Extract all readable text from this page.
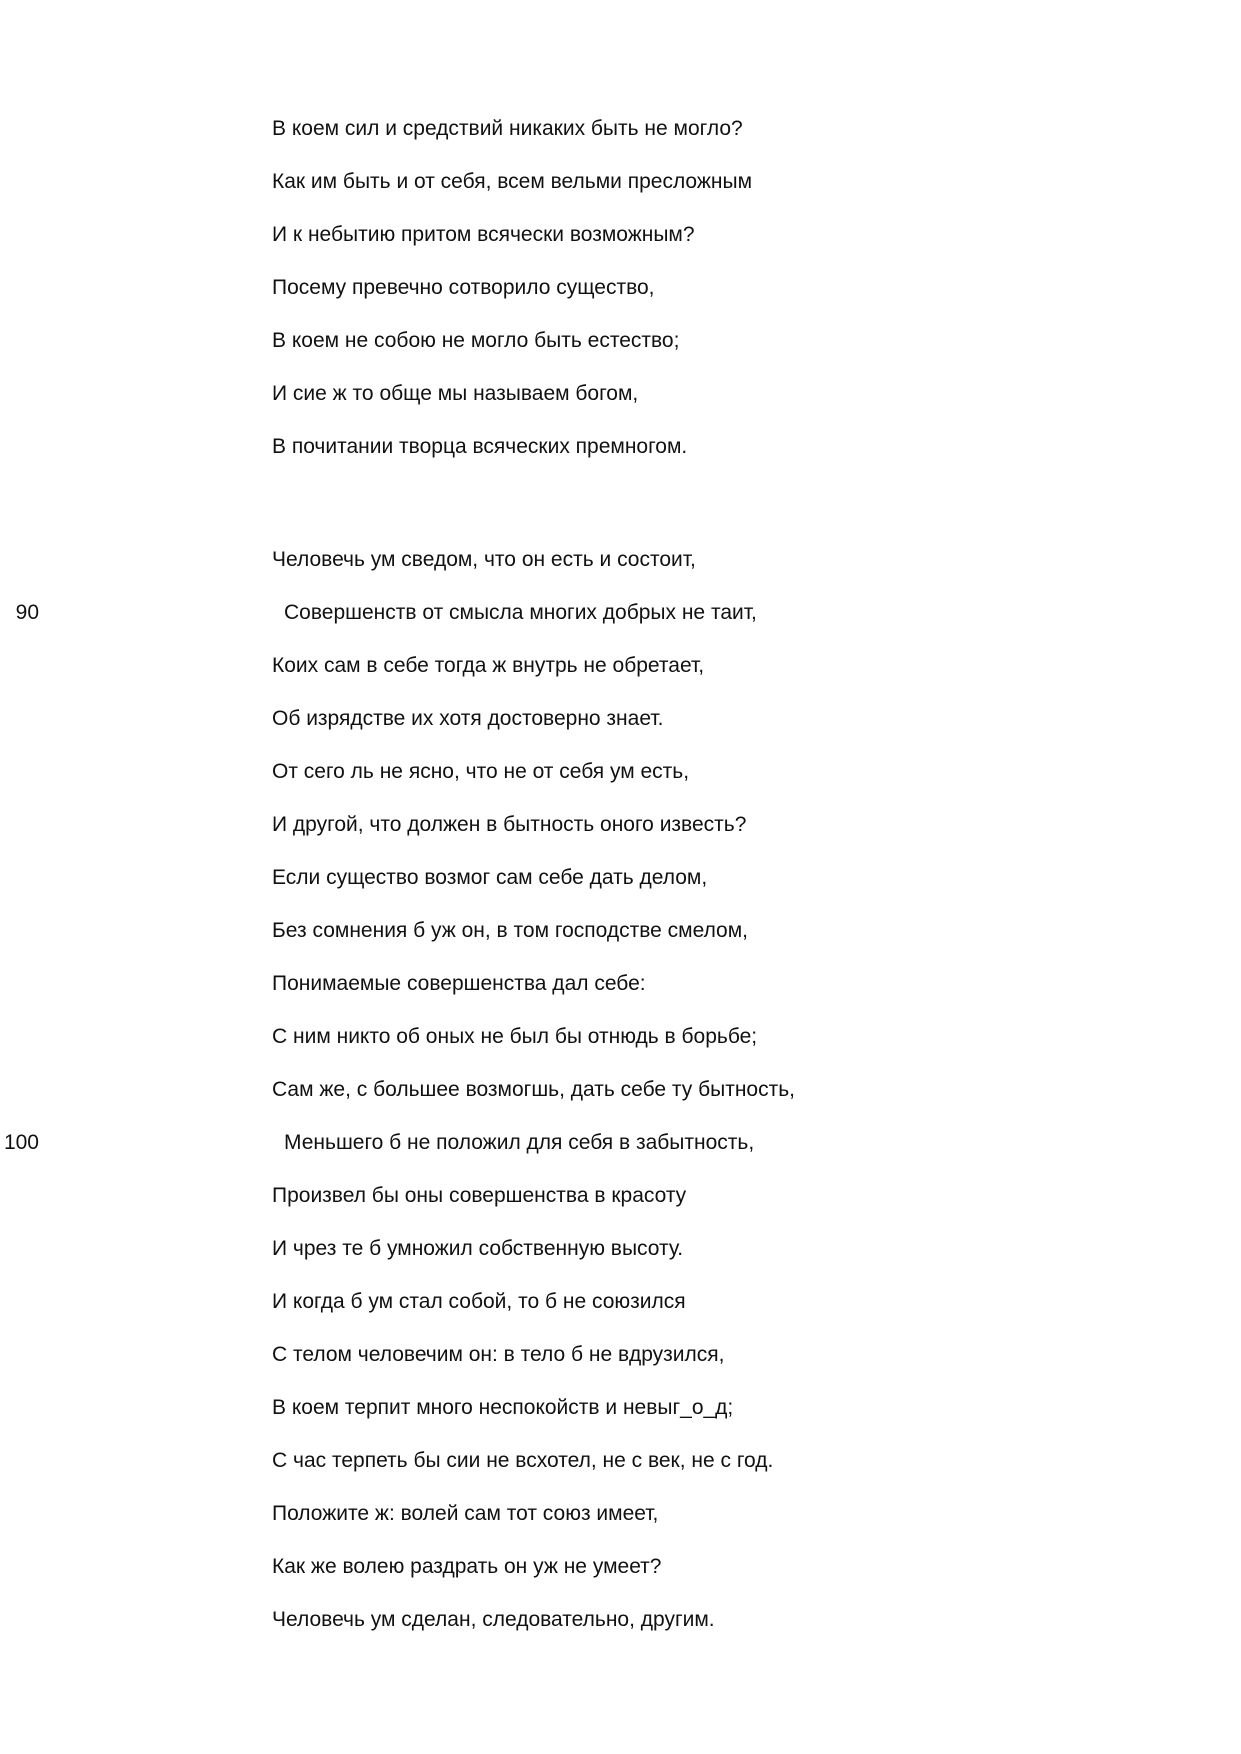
В коем сил и средствий никаких быть не могло?
Как им быть и от себя, всем вельми пресложным
И к небытию притом всячески возможным?
Посему превечно сотворило существо,
В коем не собою не могло быть естество;
И сие ж то обще мы называем богом,
В почитании творца всяческих премногом.
Человечь ум сведом, что он есть и состоит,
90	Совершенств от смысла многих добрых не таит,
Коих сам в себе тогда ж внутрь не обретает,
Об изрядстве их хотя достоверно знает.
От сего ль не ясно, что не от себя ум есть,
И другой, что должен в бытность оного известь?
Если существо возмог сам себе дать делом,
Без сомнения б уж он, в том господстве смелом,
Понимаемые совершенства дал себе:
С ним никто об оных не был бы отнюдь в борьбе;
Сам же, с большее возмогшь, дать себе ту бытность,
100	Меньшего б не положил для себя в забытность,
Произвел бы оны совершенства в красоту
И чрез те б умножил собственную высоту.
И когда б ум стал собой, то б не союзился
С телом человечим он: в тело б не вдрузился,
В коем терпит много неспокойств и невыг_о_д;
С час терпеть бы сии не всхотел, не с век, не с год.
Положите ж: волей сам тот союз имеет,
Как же волею раздрать он уж не умеет?
Человечь ум сделан, следовательно, другим.
